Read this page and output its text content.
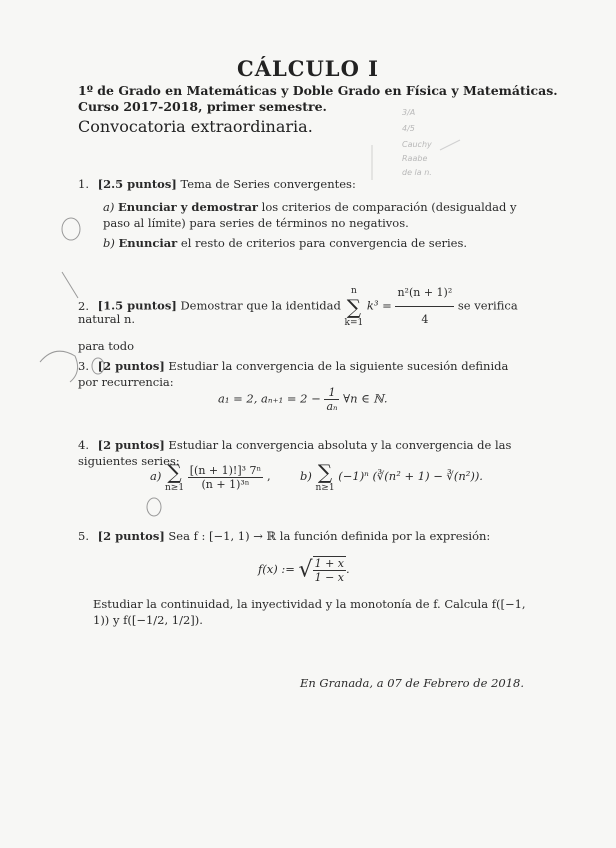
CÁLCULO I
1º de Grado en Matemáticas y Doble Grado en Física y Matemáticas.
Curso 2017-2018, primer semestre.
Convocatoria extraordinaria.
3/A
4/5
Cauchy
Raabe
de la n.
1. [2.5 puntos] Tema de Series convergentes:
a) Enunciar y demostrar los criterios de comparación (desigualdad y paso al límite) para series de términos no negativos.
b) Enunciar el resto de criterios para convergencia de series.
2. [1.5 puntos] Demostrar que la identidad n
∑
k=1 $k^3 = \frac{\text{n²(n + 1)²}}{4}$ se verifica para todo
natural n.
3. [2 puntos] Estudiar la convergencia de la siguiente sucesión definida por recurrencia:
a₁ = 2, $a_{n+1} = 2 - \frac{1}{\text{aₙ}}$ ∀n ∈ ℕ.
4. [2 puntos] Estudiar la convergencia absoluta y la convergencia de las siguientes series:
a) ∑
$n\ge 1 \frac{\text{[(n + 1)!]³ 7ⁿ}}{\text{(n + 1)³ⁿ}}$ ,	b) ∑
n≥1 (−1)ⁿ (∛(n² + 1) − ∛(n²)).
5. [2 puntos] Sea f : [−1, 1) → ℝ la función definida por la expresión:
f(x) := √ $\frac{1 + x}{1 - x}$ .
Estudiar la continuidad, la inyectividad y la monotonía de f. Calcula f([−1, 1)) y f([−1/2, 1/2]).
En Granada, a 07 de Febrero de 2018.
